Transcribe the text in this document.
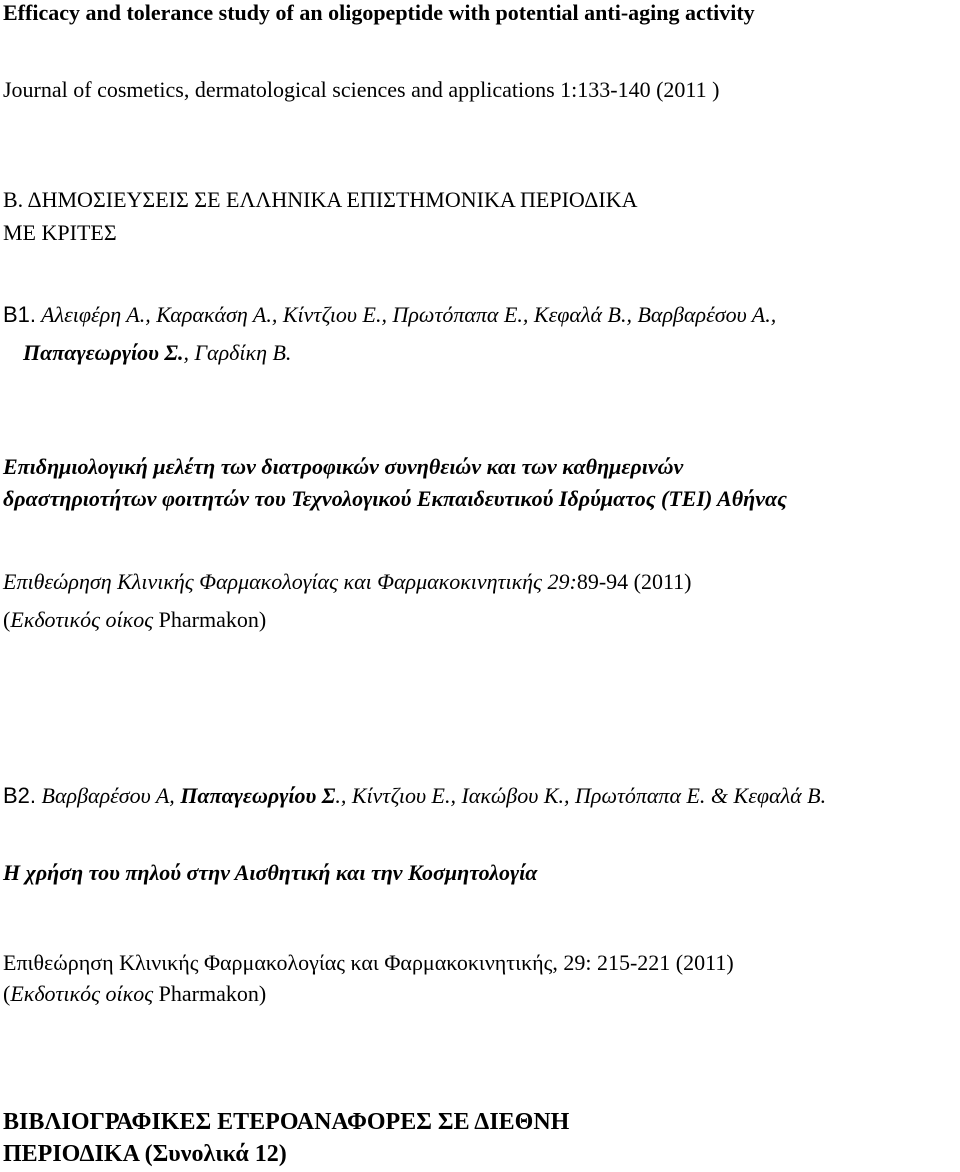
Efficacy and tolerance study of an oligopeptide with potential anti-aging activity
Journal of cosmetics, dermatological sciences and applications 1:133-140 (2011 )
Β. ΔΗΜΟΣΙΕΥΣΕΙΣ ΣΕ ΕΛΛΗΝΙΚΑ ΕΠΙΣΤΗΜΟΝΙΚΑ ΠΕΡΙΟΔΙΚΑ
ΜΕ ΚΡΙΤΕΣ
Β1. Αλειφέρη Α., Καρακάση Α., Κίντζιου Ε., Πρωτόπαπα Ε., Κεφαλά Β., Βαρβαρέσου Α.,
Παπαγεωργίου Σ., Γαρδίκη Β.
Επιδημιολογική μελέτη των διατροφικών συνηθειών και των καθημερινών
δραστηριοτήτων φοιτητών του Τεχνολογικού Εκπαιδευτικού Ιδρύματος (ΤΕΙ) Αθήνας
Επιθεώρηση Κλινικής Φαρμακολογίας και Φαρμακοκινητικής 29:89-94 (2011)
(Εκδοτικός οίκος Pharmakon)
Β2. Βαρβαρέσου Α, Παπαγεωργίου Σ., Κίντζιου Ε., Ιακώβου Κ., Πρωτόπαπα Ε. & Κεφαλά Β.
Η χρήση του πηλού στην Αισθητική και την Κοσμητολογία
Επιθεώρηση Κλινικής Φαρμακολογίας και Φαρμακοκινητικής, 29: 215-221 (2011)
(Εκδοτικός οίκος Pharmakon)
ΒΙΒΛΙΟΓΡΑΦΙΚΕΣ ΕΤΕΡΟΑΝΑΦΟΡΕΣ ΣΕ ΔΙΕΘΝΗ
ΠΕΡΙΟΔΙΚΑ (Συνολικά 12)
